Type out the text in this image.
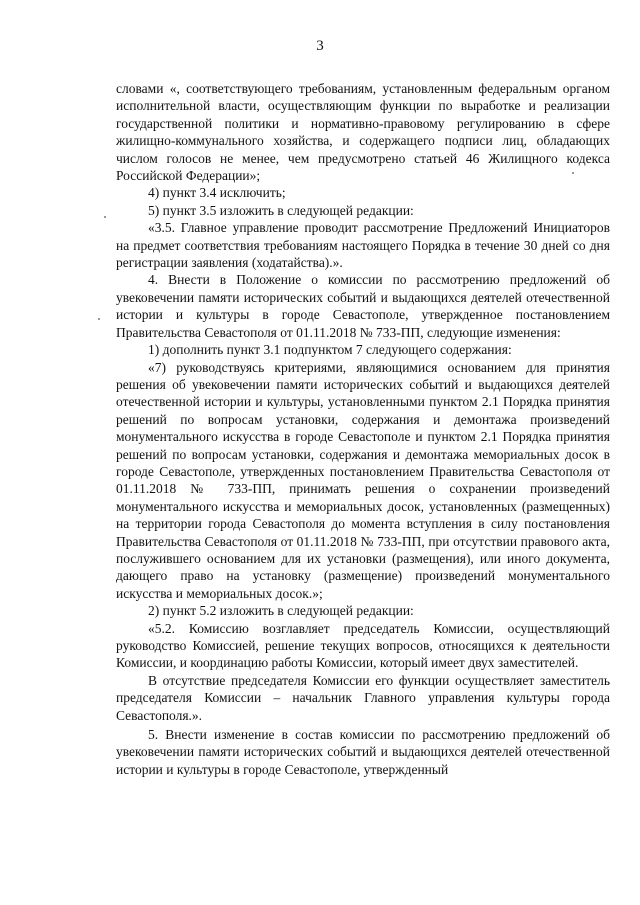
3

словами «, соответствующего требованиям, установленным федеральным органом исполнительной власти, осуществляющим функции по выработке и реализации государственной политики и нормативно-правовому регулированию в сфере жилищно-коммунального хозяйства, и содержащего подписи лиц, обладающих числом голосов не менее, чем предусмотрено статьей 46 Жилищного кодекса Российской Федерации»;

4) пункт 3.4 исключить;

5) пункт 3.5 изложить в следующей редакции:

«3.5. Главное управление проводит рассмотрение Предложений Инициаторов на предмет соответствия требованиям настоящего Порядка в течение 30 дней со дня регистрации заявления (ходатайства).».

4. Внести в Положение о комиссии по рассмотрению предложений об увековечении памяти исторических событий и выдающихся деятелей отечественной истории и культуры в городе Севастополе, утвержденное постановлением Правительства Севастополя от 01.11.2018 № 733-ПП, следующие изменения:

1) дополнить пункт 3.1 подпунктом 7 следующего содержания:

«7) руководствуясь критериями, являющимися основанием для принятия решения об увековечении памяти исторических событий и выдающихся деятелей отечественной истории и культуры, установленными пунктом 2.1 Порядка принятия решений по вопросам установки, содержания и демонтажа произведений монументального искусства в городе Севастополе и пунктом 2.1 Порядка принятия решений по вопросам установки, содержания и демонтажа мемориальных досок в городе Севастополе, утвержденных постановлением Правительства Севастополя от 01.11.2018 № 733-ПП, принимать решения о сохранении произведений монументального искусства и мемориальных досок, установленных (размещенных) на территории города Севастополя до момента вступления в силу постановления Правительства Севастополя от 01.11.2018 № 733-ПП, при отсутствии правового акта, послужившего основанием для их установки (размещения), или иного документа, дающего право на установку (размещение) произведений монументального искусства и мемориальных досок.»;

2) пункт 5.2 изложить в следующей редакции:

«5.2. Комиссию возглавляет председатель Комиссии, осуществляющий руководство Комиссией, решение текущих вопросов, относящихся к деятельности Комиссии, и координацию работы Комиссии, который имеет двух заместителей.

В отсутствие председателя Комиссии его функции осуществляет заместитель председателя Комиссии – начальник Главного управления культуры города Севастополя.».

5. Внести изменение в состав комиссии по рассмотрению предложений об увековечении памяти исторических событий и выдающихся деятелей отечественной истории и культуры в городе Севастополе, утвержденный
